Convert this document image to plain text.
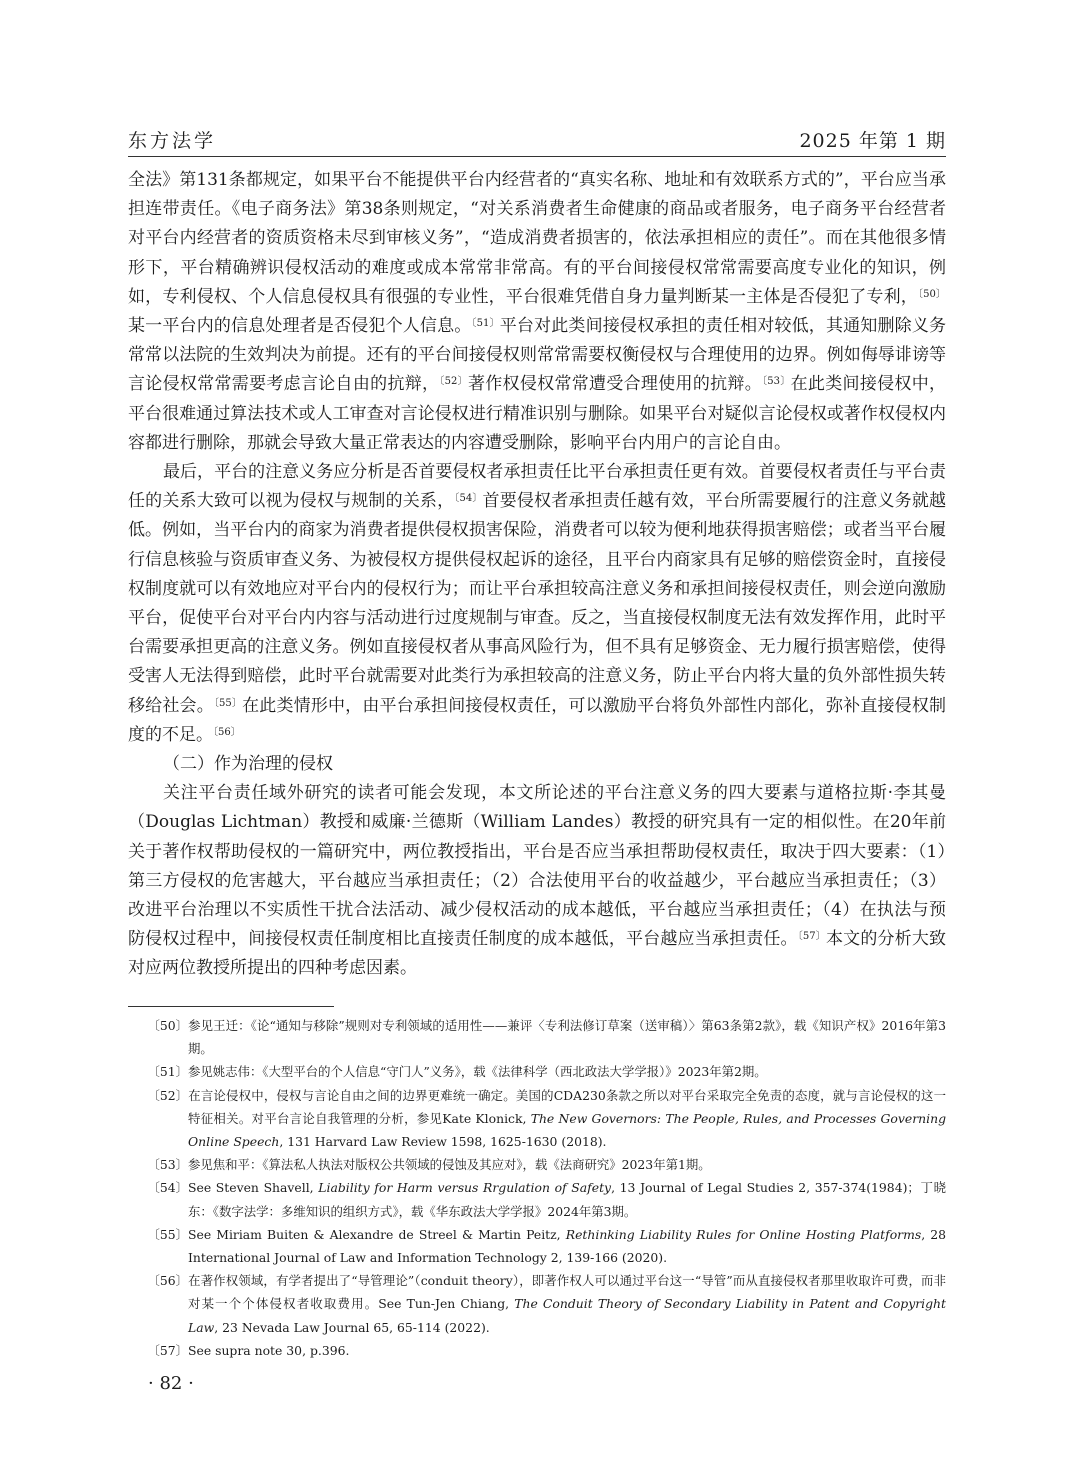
东方法学	2025 年第 1 期

全法》第131条都规定，如果平台不能提供平台内经营者的“真实名称、地址和有效联系方式的”，平台应当承担连带责任。《电子商务法》第38条则规定，“对关系消费者生命健康的商品或者服务，电子商务平台经营者对平台内经营者的资质资格未尽到审核义务”，“造成消费者损害的，依法承担相应的责任”。而在其他很多情形下，平台精确辨识侵权活动的难度或成本常常非常高。有的平台间接侵权常常需要高度专业化的知识，例如，专利侵权、个人信息侵权具有很强的专业性，平台很难凭借自身力量判断某一主体是否侵犯了专利，$^{〔50〕}$某一平台内的信息处理者是否侵犯个人信息。$^{〔51〕}$平台对此类间接侵权承担的责任相对较低，其通知删除义务常常以法院的生效判决为前提。还有的平台间接侵权则常常需要权衡侵权与合理使用的边界。例如侮辱诽谤等言论侵权常常需要考虑言论自由的抗辩，$^{〔52〕}$著作权侵权常常遭受合理使用的抗辩。$^{〔53〕}$在此类间接侵权中，平台很难通过算法技术或人工审查对言论侵权进行精准识别与删除。如果平台对疑似言论侵权或著作权侵权内容都进行删除，那就会导致大量正常表达的内容遭受删除，影响平台内用户的言论自由。

最后，平台的注意义务应分析是否首要侵权者承担责任比平台承担责任更有效。首要侵权者责任与平台责任的关系大致可以视为侵权与规制的关系，$^{〔54〕}$首要侵权者承担责任越有效，平台所需要履行的注意义务就越低。例如，当平台内的商家为消费者提供侵权损害保险，消费者可以较为便利地获得损害赔偿；或者当平台履行信息核验与资质审查义务、为被侵权方提供侵权起诉的途径，且平台内商家具有足够的赔偿资金时，直接侵权制度就可以有效地应对平台内的侵权行为；而让平台承担较高注意义务和承担间接侵权责任，则会逆向激励平台，促使平台对平台内内容与活动进行过度规制与审查。反之，当直接侵权制度无法有效发挥作用，此时平台需要承担更高的注意义务。例如直接侵权者从事高风险行为，但不具有足够资金、无力履行损害赔偿，使得受害人无法得到赔偿，此时平台就需要对此类行为承担较高的注意义务，防止平台内将大量的负外部性损失转移给社会。$^{〔55〕}$在此类情形中，由平台承担间接侵权责任，可以激励平台将负外部性内部化，弥补直接侵权制度的不足。$^{〔56〕}$

（二）作为治理的侵权

关注平台责任域外研究的读者可能会发现，本文所论述的平台注意义务的四大要素与道格拉斯·李其曼（Douglas Lichtman）教授和威廉·兰德斯（William Landes）教授的研究具有一定的相似性。在20年前关于著作权帮助侵权的一篇研究中，两位教授指出，平台是否应当承担帮助侵权责任，取决于四大要素：（1）第三方侵权的危害越大，平台越应当承担责任；（2）合法使用平台的收益越少，平台越应当承担责任；（3）改进平台治理以不实质性干扰合法活动、减少侵权活动的成本越低，平台越应当承担责任；（4）在执法与预防侵权过程中，间接侵权责任制度相比直接责任制度的成本越低，平台越应当承担责任。$^{〔57〕}$本文的分析大致对应两位教授所提出的四种考虑因素。

〔50〕参见王迁：《论“通知与移除”规则对专利领域的适用性——兼评〈专利法修订草案（送审稿）〉第63条第2款》，载《知识产权》2016年第3期。
〔51〕参见姚志伟：《大型平台的个人信息“守门人”义务》，载《法律科学（西北政法大学学报）》2023年第2期。
〔52〕在言论侵权中，侵权与言论自由之间的边界更难统一确定。美国的CDA230条款之所以对平台采取完全免责的态度，就与言论侵权的这一特征相关。对平台言论自我管理的分析，参见Kate Klonick, The New Governors: The People, Rules, and Processes Governing Online Speech, 131 Harvard Law Review 1598, 1625-1630 (2018).
〔53〕参见焦和平：《算法私人执法对版权公共领域的侵蚀及其应对》，载《法商研究》2023年第1期。
〔54〕See Steven Shavell, Liability for Harm versus Rrgulation of Safety, 13 Journal of Legal Studies 2, 357-374(1984)；丁晓东：《数字法学：多维知识的组织方式》，载《华东政法大学学报》2024年第3期。
〔55〕See Miriam Buiten & Alexandre de Streel & Martin Peitz, Rethinking Liability Rules for Online Hosting Platforms, 28 International Journal of Law and Information Technology 2, 139-166 (2020).
〔56〕在著作权领域，有学者提出了“导管理论”（conduit theory），即著作权人可以通过平台这一“导管”而从直接侵权者那里收取许可费，而非对某一个个体侵权者收取费用。See Tun-Jen Chiang, The Conduit Theory of Secondary Liability in Patent and Copyright Law, 23 Nevada Law Journal 65, 65-114 (2022).
〔57〕See supra note 30, p.396.
· 82 ·
